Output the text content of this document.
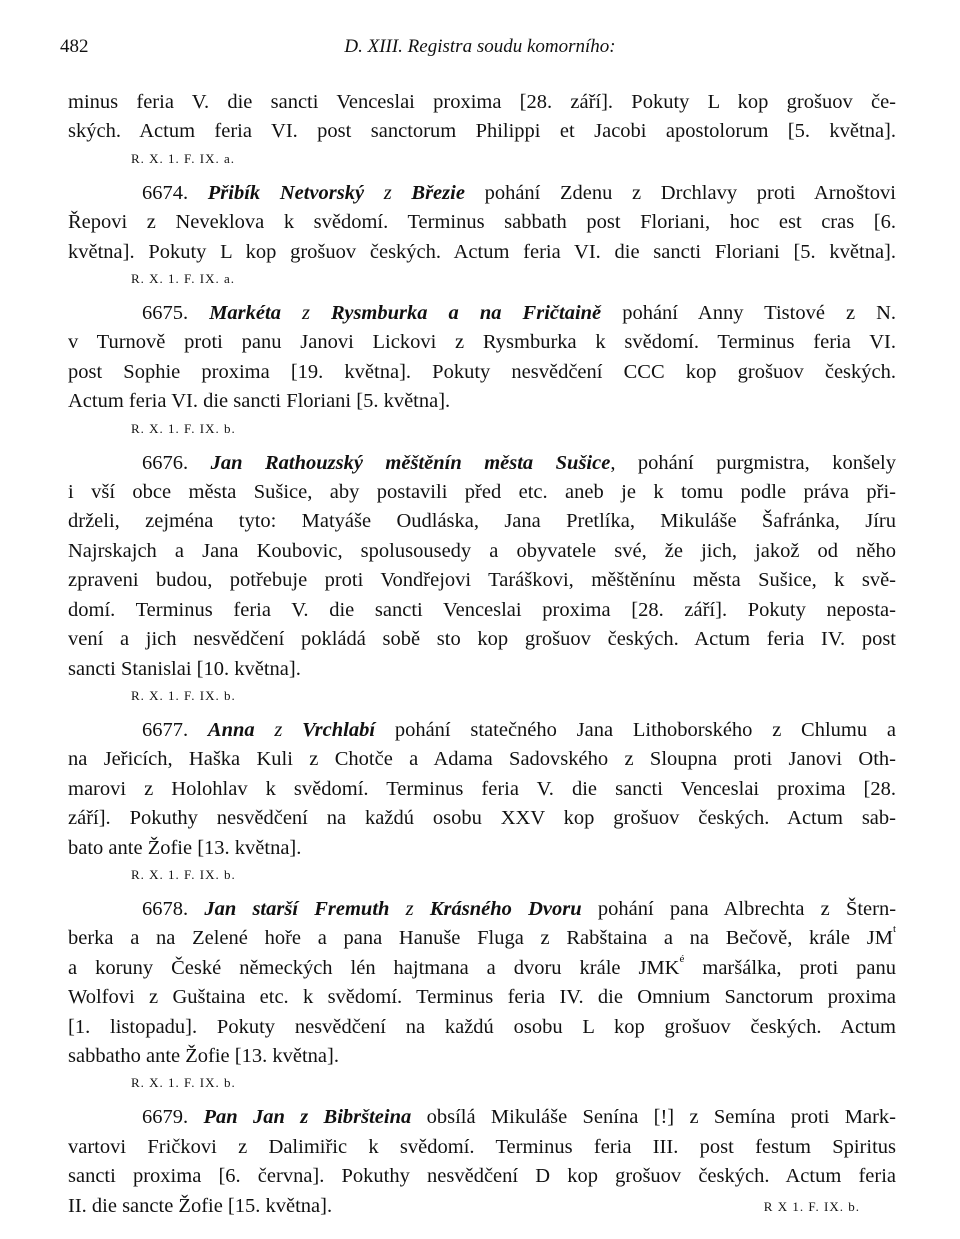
482	D. XIII. Registra soudu komorního:
minus feria V. die sancti Venceslai proxima [28. září]. Pokuty L kop grošuov če-
ských. Actum feria VI. post sanctorum Philippi et Jacobi apostolorum [5. května].
R. X. 1. F. IX. a.
6674. Přibík Netvorský z Březie pohání Zdenu z Drchlavy proti Arnoštovi
Řepovi z Neveklova k svědomí. Terminus sabbath post Floriani, hoc est cras [6.
května]. Pokuty L kop grošuov českých. Actum feria VI. die sancti Floriani [5. května].
R. X. 1. F. IX. a.
6675. Markéta z Rysmburka a na Fričtaině pohání Anny Tistové z N.
v Turnově proti panu Janovi Lickovi z Rysmburka k svědomí. Terminus feria VI.
post Sophie proxima [19. května]. Pokuty nesvědčení CCC kop grošuov českých.
Actum feria VI. die sancti Floriani [5. května].
R. X. 1. F. IX. b.
6676. Jan Rathouzský měštěnín města Sušice, pohání purgmistra, konšely
i vší obce města Sušice, aby postavili před etc. aneb je k tomu podle práva při-
drželi, zejména tyto: Matyáše Oudláska, Jana Pretlíka, Mikuláše Šafránka, Jíru
Najrskajch a Jana Koubovic, spolusousedy a obyvatele své, že jich, jakož od něho
zpraveni budou, potřebuje proti Vondřejovi Taráškovi, měštěnínu města Sušice, k svě-
domí. Terminus feria V. die sancti Venceslai proxima [28. září]. Pokuty nepostа-
vení a jich nesvědčení pokládá sobě sto kop grošuov českých. Actum feria IV. post
sancti Stanislai [10. května].
R. X. 1. F. IX. b.
6677. Anna z Vrchlabí pohání statečného Jana Lithoborského z Chlumu a
na Jeřicích, Haška Kuli z Chotče a Adama Sadovského z Sloupna proti Janovi Oth-
marovi z Holohlav k svědomí. Terminus feria V. die sancti Venceslai proxima [28.
září]. Pokuthy nesvědčení na každú osobu XXV kop grošuov českých. Actum sab-
bato ante Žofie [13. května].
R. X. 1. F. IX. b.
6678. Jan starší Fremuth z Krásného Dvoru pohání pana Albrechta z Štern-
berka a na Zelené hoře a pana Hanuše Fluga z Rabštaina a na Bečově, krále $JM^t$
a koruny České německých lén hajtmana a dvoru krále $JMK^é$ maršálka, proti panu
Wolfovi z Guštaina etc. k svědomí. Terminus feria IV. die Omnium Sanctorum proxima
[1. listopadu]. Pokuty nesvědčení na každú osobu L kop grošuov českých. Actum
sabbatho ante Žofie [13. května].
R. X. 1. F. IX. b.
6679. Pan Jan z Bibršteina obsílá Mikuláše Senína [!] z Semína proti Mark-
vartovi Fričkovi z Dalimiřic k svědomí. Terminus feria III. post festum Spiritus
sancti proxima [6. června]. Pokuthy nesvědčení D kop grošuov českých. Actum feria
II. die sancte Žofie [15. května].	R X 1. F. IX. b.
